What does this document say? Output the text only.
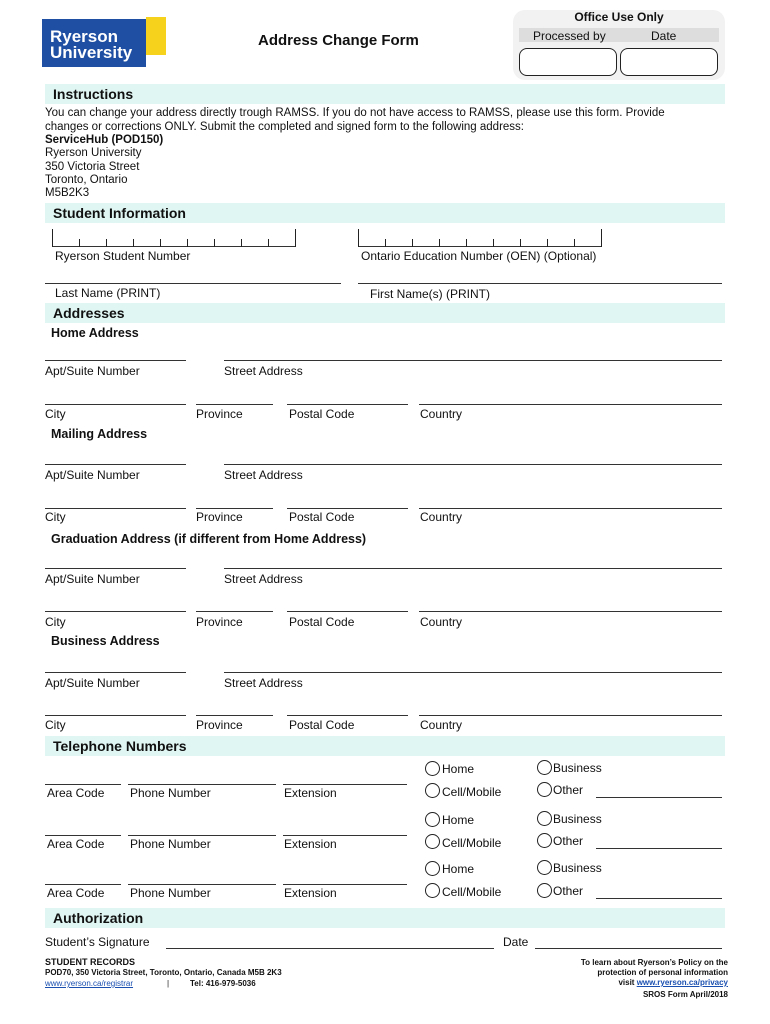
Ryerson
University
Address Change Form
Office Use Only
Processed by	Date
Instructions
You can change your address directly trough RAMSS. If you do not have access to RAMSS, please use this form. Provide
changes or corrections ONLY. Submit the completed and signed form to the following address:
ServiceHub (POD150)
Ryerson University
350 Victoria Street
Toronto, Ontario
M5B2K3
Student Information
Ryerson Student Number	Ontario Education Number (OEN) (Optional)
Last Name (PRINT)	First Name(s) (PRINT)
Addresses
Home Address
Apt/Suite Number	Street Address
City	Province	Postal Code	Country
Mailing Address
Apt/Suite Number	Street Address
City	Province	Postal Code	Country
Graduation Address (if different from Home Address)
Apt/Suite Number	Street Address
City	Province	Postal Code	Country
Business Address
Apt/Suite Number	Street Address
City	Province	Postal Code	Country
Telephone Numbers
Area Code Phone Number	Extension
Home
Cell/Mobile
Business
Other
Area Code Phone Number	Extension
Home
Cell/Mobile
Business
Other
Area Code Phone Number	Extension
Home
Cell/Mobile
Business
Other
Authorization
Student’s Signature	Date
STUDENT RECORDS
POD70, 350 Victoria Street, Toronto, Ontario, Canada M5B 2K3
www.ryerson.ca/registrar	|	Tel: 416-979-5036
To learn about Ryerson’s Policy on the
protection of personal information
visit www.ryerson.ca/privacy
SROS Form April/2018
